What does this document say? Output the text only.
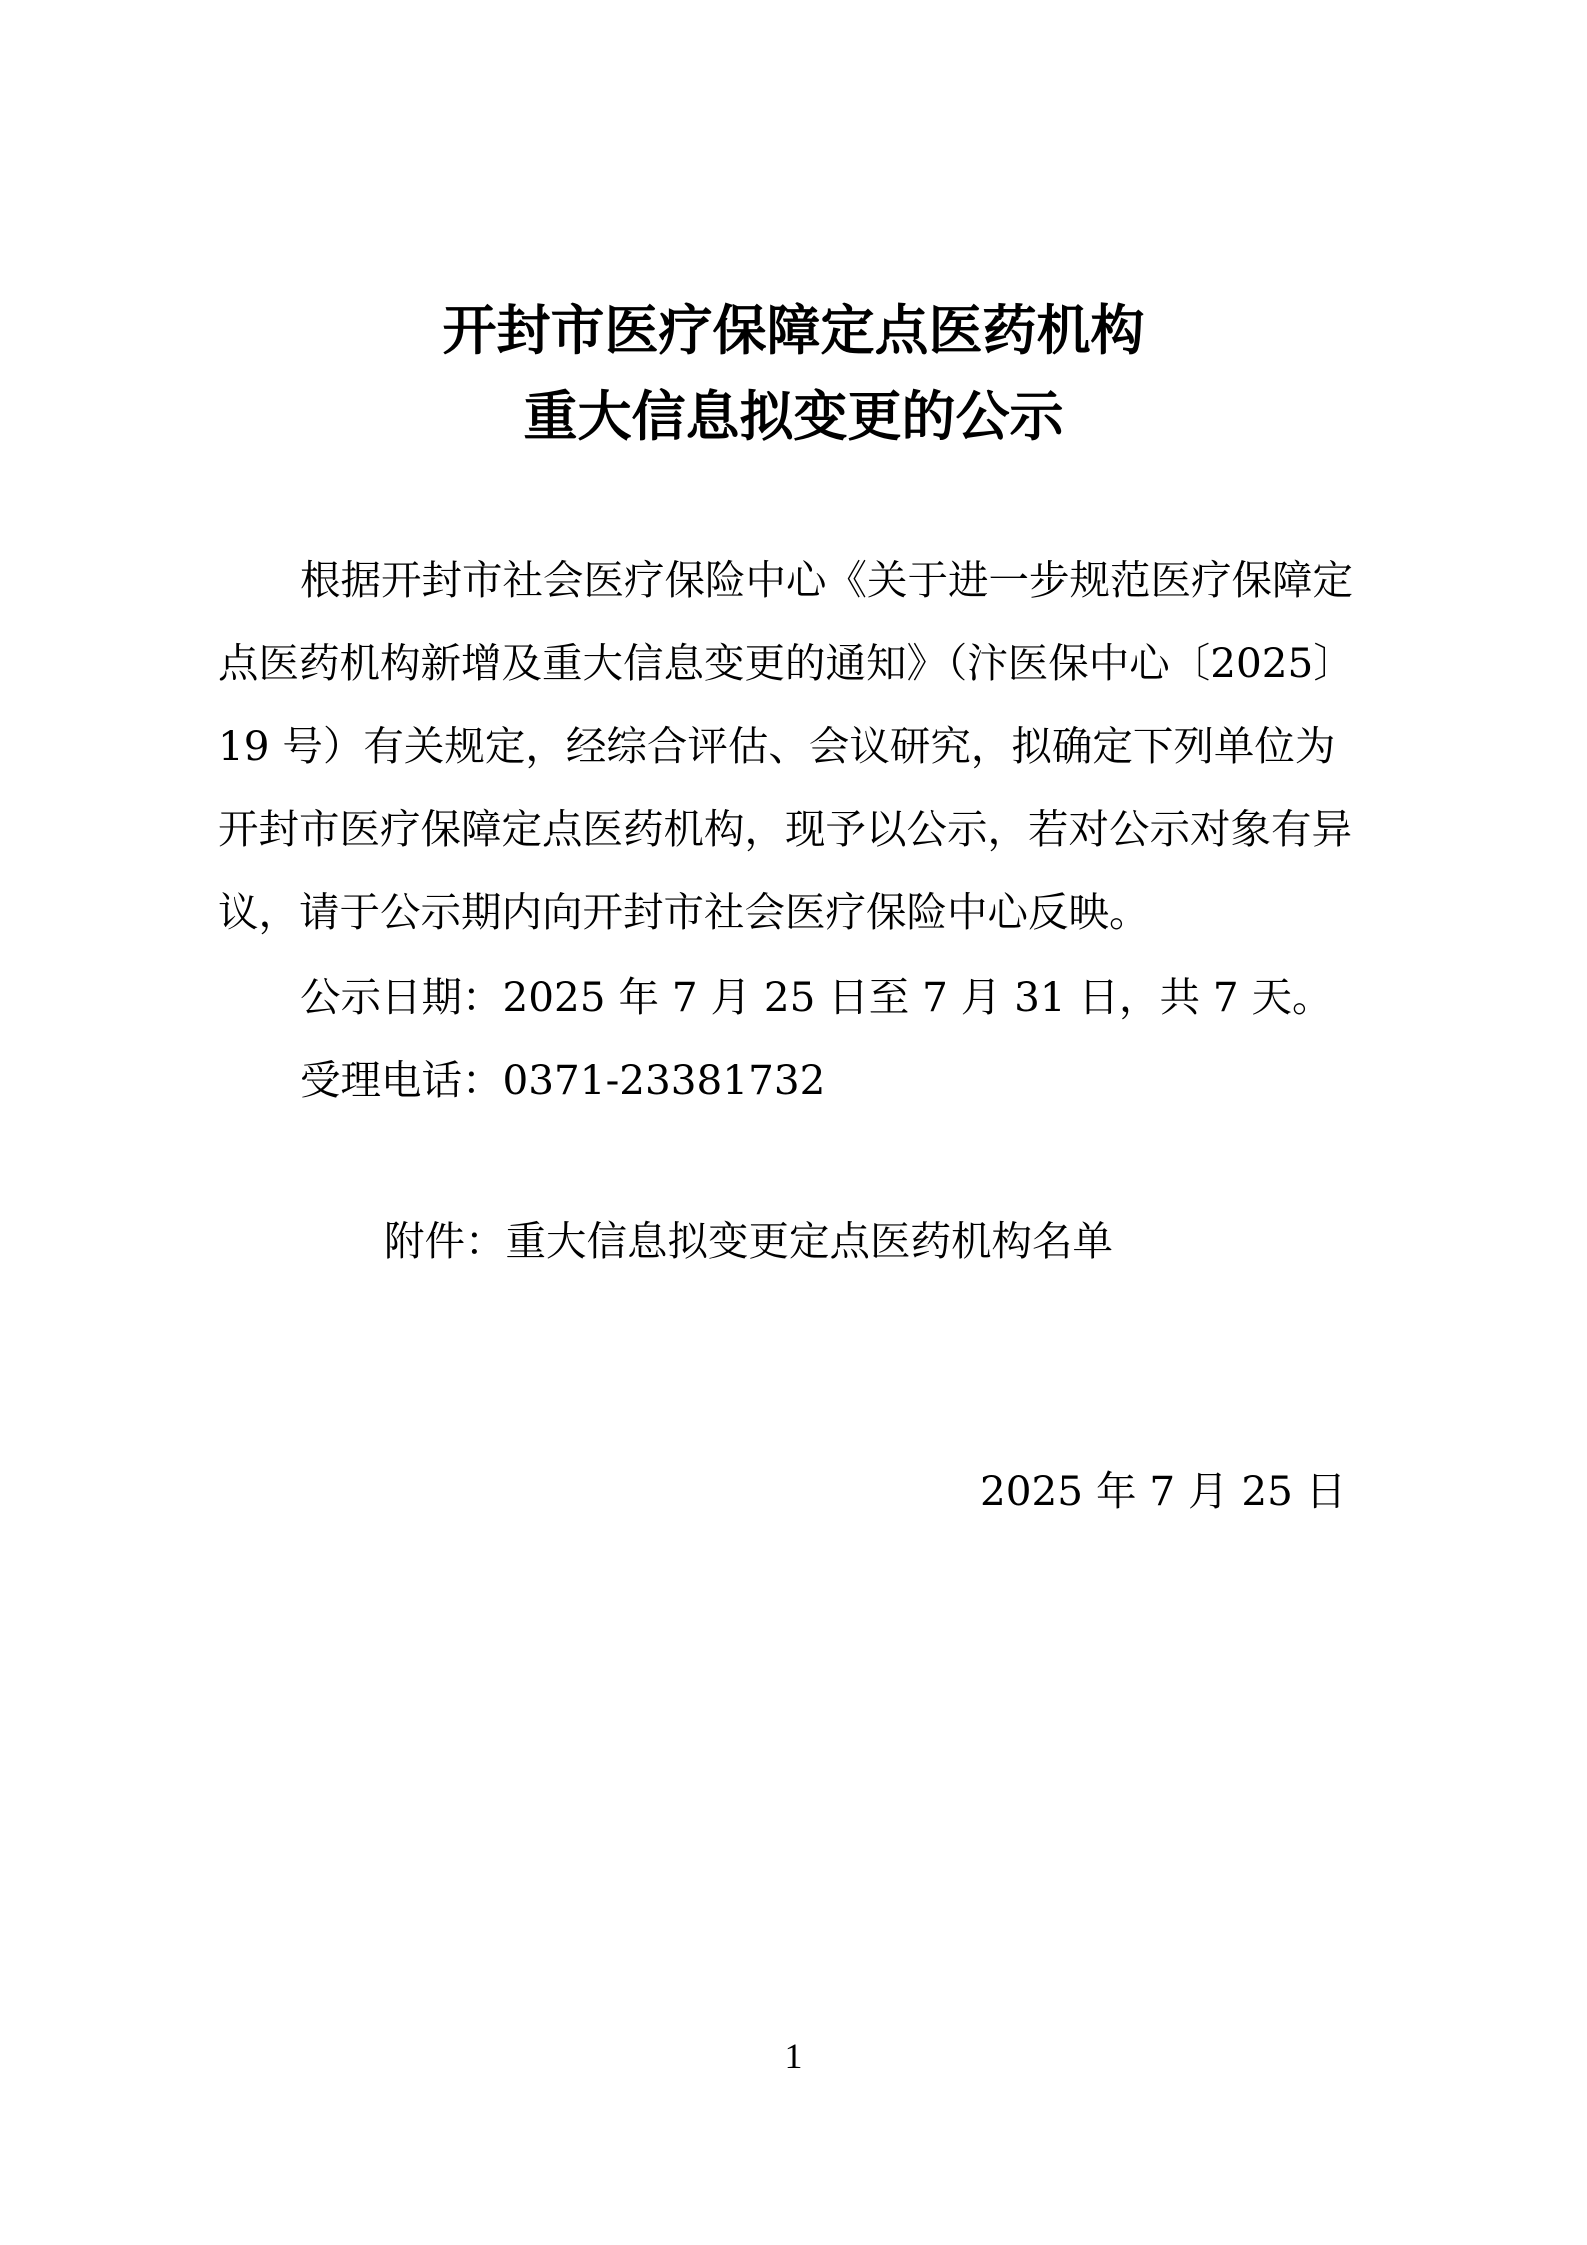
开封市医疗保障定点医药机构
重大信息拟变更的公示
根据开封市社会医疗保险中心《关于进一步规范医疗保障定
点医药机构新增及重大信息变更的通知》（汴医保中心〔2025〕
19 号）有关规定，经综合评估、会议研究，拟确定下列单位为
开封市医疗保障定点医药机构，现予以公示，若对公示对象有异
议，请于公示期内向开封市社会医疗保险中心反映。
公示日期：2025 年 7 月 25 日至 7 月 31 日，共 7 天。
受理电话：0371-23381732
附件：重大信息拟变更定点医药机构名单
2025 年 7 月 25 日
1
